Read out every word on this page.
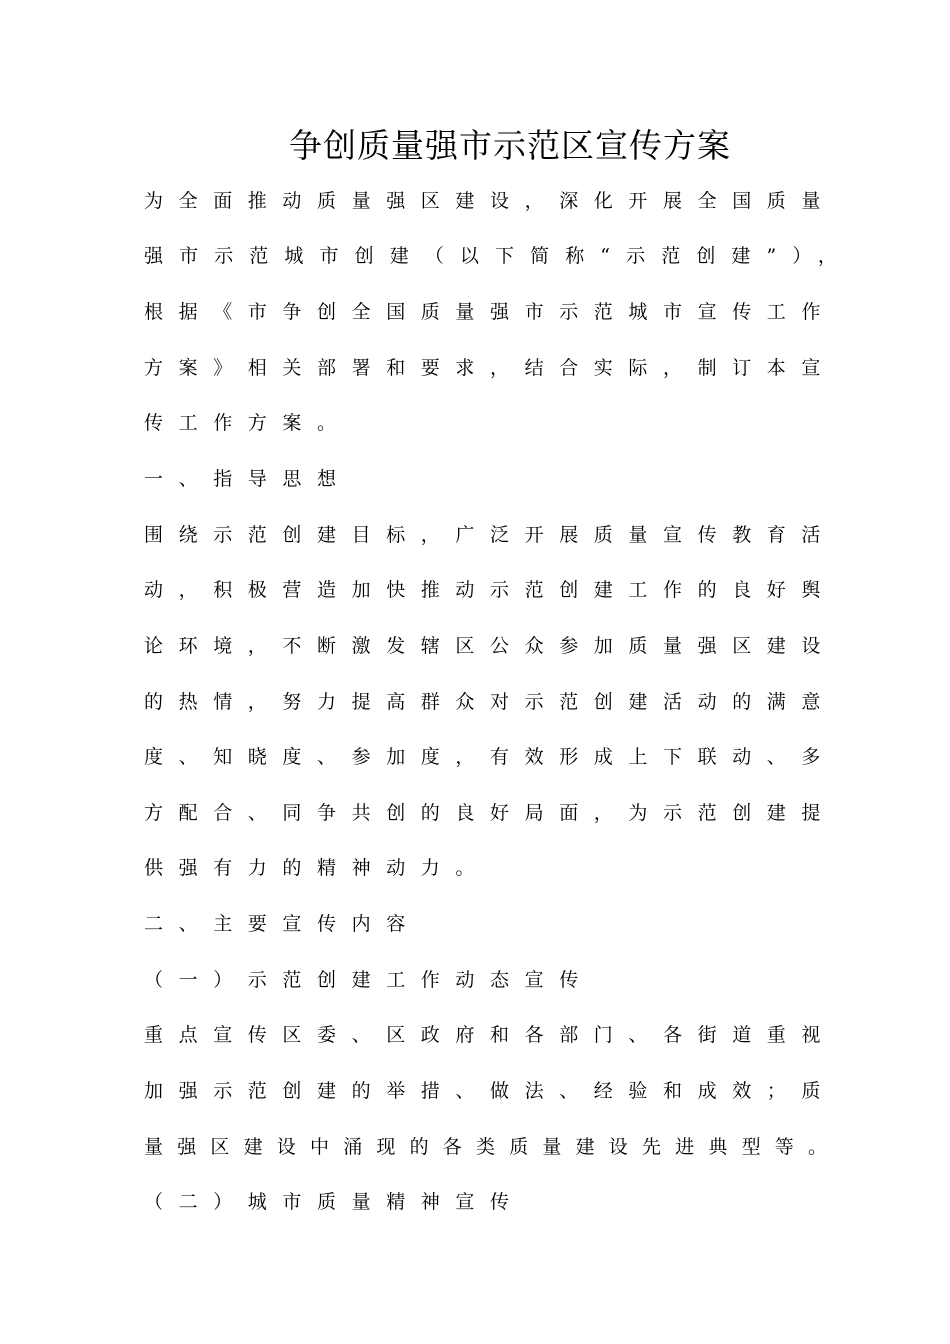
争创质量强市示范区宣传方案
为全面推动质量强区建设，深化开展全国质量
强市示范城市创建（以下简称“示范创建”），
根据《市争创全国质量强市示范城市宣传工作
方案》相关部署和要求，结合实际，制订本宣
传工作方案。
一、指导思想
围绕示范创建目标，广泛开展质量宣传教育活
动，积极营造加快推动示范创建工作的良好舆
论环境，不断激发辖区公众参加质量强区建设
的热情，努力提高群众对示范创建活动的满意
度、知晓度、参加度，有效形成上下联动、多
方配合、同争共创的良好局面，为示范创建提
供强有力的精神动力。
二、主要宣传内容
（一）示范创建工作动态宣传
重点宣传区委、区政府和各部门、各街道重视
加强示范创建的举措、做法、经验和成效；质
量强区建设中涌现的各类质量建设先进典型等。
（二）城市质量精神宣传
